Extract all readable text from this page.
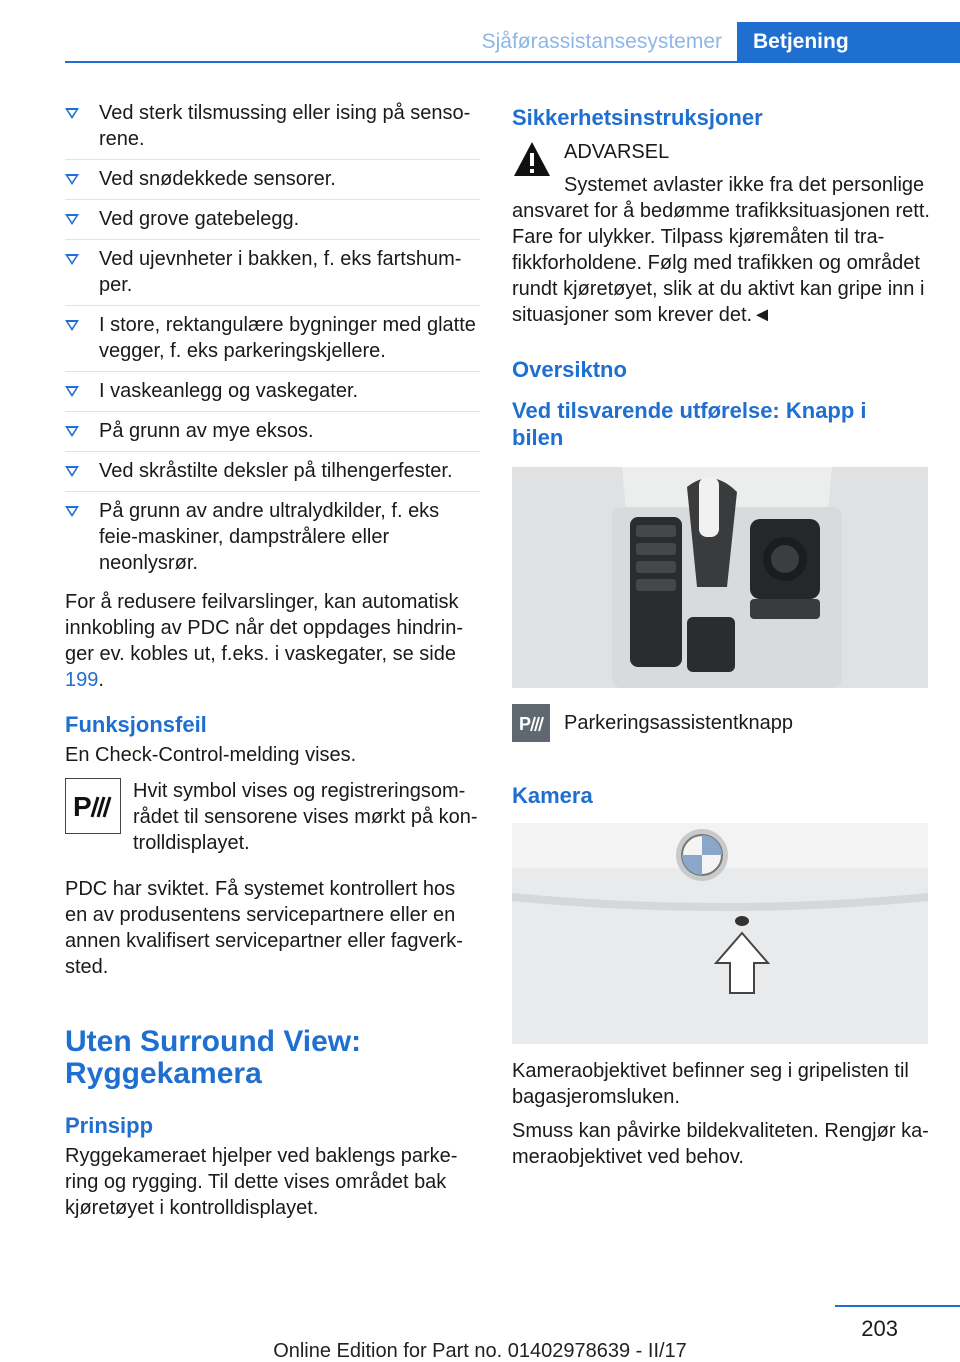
Sjåførassistansesystemer	Betjening
Ved sterk tilsmussing eller ising på senso-rene.
Ved snødekkede sensorer.
Ved grove gatebelegg.
Ved ujevnheter i bakken, f. eks fartshum-per.
I store, rektangulære bygninger med glatte vegger, f. eks parkeringskjellere.
I vaskeanlegg og vaskegater.
På grunn av mye eksos.
Ved skråstilte deksler på tilhengerfester.
På grunn av andre ultralydkilder, f. eks feie-maskiner, dampstrålere eller neonlysrør.

For å redusere feilvarslinger, kan automatisk innkobling av PDC når det oppdages hindrin-ger ev. kobles ut, f.eks. i vaskegater, se side 199.

Funksjonsfeil

En Check-Control-melding vises.

P Hvit symbol vises og registreringsom-rådet til sensorene vises mørkt på kon-trolldisplayet.

PDC har sviktet. Få systemet kontrollert hos en av produsentens servicepartnere eller en annen kvalifisert servicepartner eller fagverk-sted.

Uten Surround View: Ryggekamera
Prinsipp

Ryggekameraet hjelper ved baklengs parke-ring og rygging. Til dette vises området bak kjøretøyet i kontrolldisplayet.

Sikkerhetsinstruksjoner

ADVARSEL

Systemet avlaster ikke fra det personlige ansvaret for å bedømme trafikksituasjonen rett. Fare for ulykker. Tilpass kjøremåten til tra-fikkforholdene. Følg med trafikken og området rundt kjøretøyet, slik at du aktivt kan gripe inn i situasjoner som krever det.◄

Oversiktno
Ved tilsvarende utførelse: Knapp i bilen
P Parkeringsassistentknapp
Kamera

Kameraobjektivet befinner seg i gripelisten til bagasjeromsluken.

Smuss kan påvirke bildekvaliteten. Rengjør ka-meraobjektivet ved behov.

203
Online Edition for Part no. 01402978639 - II/17
